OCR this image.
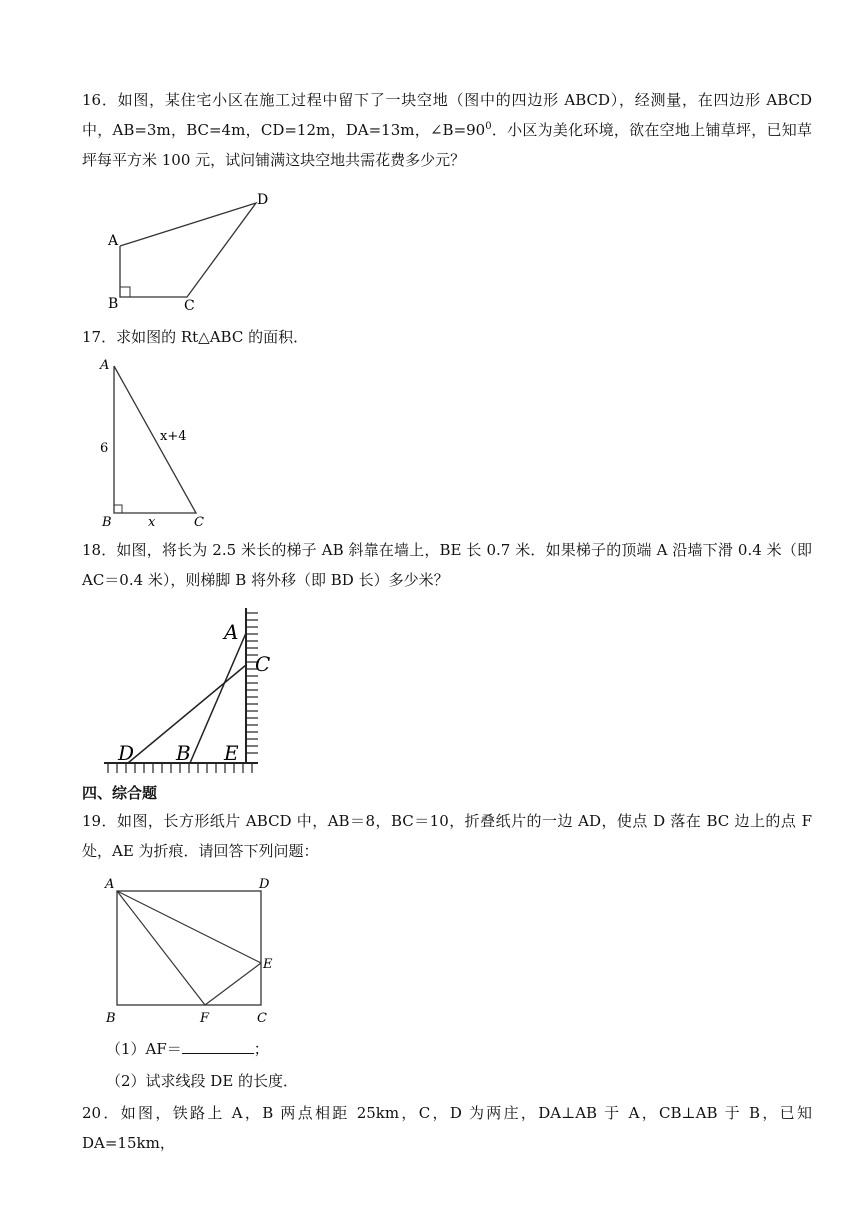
16．如图，某住宅小区在施工过程中留下了一块空地（图中的四边形 ABCD），经测量，在四边形 ABCD 中，AB=3m，BC=4m，CD=12m，DA=13m，$\angle B=90^0$．小区为美化环境，欲在空地上铺草坪，已知草坪每平方米 100 元，试问铺满这块空地共需花费多少元？
A
B	C
D
17．求如图的 Rt△ABC 的面积．
A
B	C
6
x
x+4
18．如图，将长为 2.5 米长的梯子 AB 斜靠在墙上，BE 长 0.7 米．如果梯子的顶端 A 沿墙下滑 0.4 米（即 AC＝0.4 米），则梯脚 B 将外移（即 BD 长）多少米？
A
C
D B E
四、综合题
19．如图，长方形纸片 ABCD 中，AB＝8，BC＝10，折叠纸片的一边 AD，使点 D 落在 BC 边上的点 F 处，AE 为折痕．请回答下列问题：
A	D
E
B	F	C
（1）AF＝	；
（2）试求线段 DE 的长度．
20．如图，铁路上 A，B 两点相距 25km，C，D 为两庄，DA⊥AB 于 A，CB⊥AB 于 B，已知 DA=15km，
